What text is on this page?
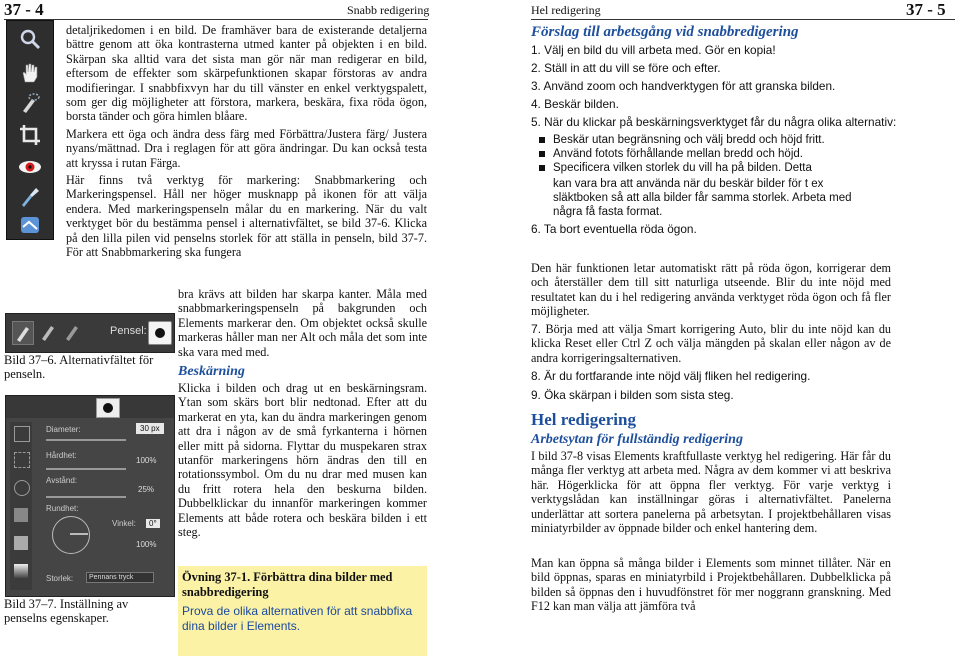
37 - 4	Snabb redigering

detaljrikedomen i en bild. De framhäver bara de existerande detaljerna bättre genom att öka kontrasterna utmed kanter på objekten i en bild. Skärpan ska alltid vara det sista man gör när man redigerar en bild, eftersom de effekter som skärpefunktionen skapar förstoras av andra modifieringar. I snabbfixvyn har du till vänster en enkel verktygspalett, som ger dig möjligheter att förstora, markera, beskära, fixa röda ögon, borsta tänder och göra himlen blåare.

Markera ett öga och ändra dess färg med Förbättra/Justera färg/ Justera nyans/mättnad. Dra i reglagen för att göra ändringar. Du kan också testa att kryssa i rutan Färga.

Här finns två verktyg för markering: Snabbmarkering och Markeringspensel. Håll ner höger musknapp på ikonen för att välja endera. Med markeringspenseln målar du en markering. När du valt verktyget bör du bestämma pensel i alternativfältet, se bild 37-6. Klicka på den lilla pilen vid penselns storlek för att ställa in penseln, bild 37-7. För att Snabbmarkering ska fungera

Pensel:
Bild 37–6. Alternativfältet för penseln.
Diameter:	30 px
Hårdhet:
100%
Avstånd:
25%
Rundhet:
100%
Vinkel:	0°
Storlek:	Pennans tryck
Bild 37–7. Inställning av penselns egenskaper.
bra krävs att bilden har skarpa kanter. Måla med snabbmarkeringspenseln på bakgrunden och Elements markerar den. Om objektet också skulle markeras håller man ner Alt och måla det som inte ska vara med med.
Beskärning
Klicka i bilden och drag ut en beskärningsram. Ytan som skärs bort blir nedtonad. Efter att du markerat en yta, kan du ändra markeringen genom att dra i någon av de små fyrkanterna i hörnen eller mitt på sidorna. Flyttar du muspekaren strax utanför markeringens hörn ändras den till en rotationssymbol. Om du nu drar med musen kan du fritt rotera hela den beskurna bilden. Dubbelklickar du innanför markeringen kommer Elements att både rotera och beskära bilden i ett steg.
Övning 37-1. Förbättra dina bilder med snabbredigering
Prova de olika alternativen för att snabbfixa dina bilder i Elements.
Hel redigering	37 - 5
Förslag till arbetsgång vid snabbredigering
1. Välj en bild du vill arbeta med. Gör en kopia!
2. Ställ in att du vill se före och efter.
3. Använd zoom och handverktygen för att granska bilden.
4. Beskär bilden.
5. När du klickar på beskärningsverktyget får du några olika alternativ:
Beskär utan begränsning och välj bredd och höjd fritt.
Använd fotots förhållande mellan bredd och höjd.
Specificera vilken storlek du vill ha på bilden. Detta
kan vara bra att använda när du beskär bilder för t ex släktboken så att alla bilder får samma storlek. Arbeta med några få fasta format.
6. Ta bort eventuella röda ögon.
Den här funktionen letar automatiskt rätt på röda ögon, korrigerar dem och återställer dem till sitt naturliga utseende. Blir du inte nöjd med resultatet kan du i hel redigering använda verktyget röda ögon och få fler möjligheter.
7. Börja med att välja Smart korrigering Auto, blir du inte nöjd kan du klicka Reset eller Ctrl Z och välja mängden på skalan eller någon av de andra korrigeringsalternativen.
8. Är du fortfarande inte nöjd välj fliken hel redigering.
9. Öka skärpan i bilden som sista steg.
Hel redigering
Arbetsytan för fullständig redigering
I bild 37-8 visas Elements kraftfullaste verktyg hel redigering. Här får du många fler verktyg att arbeta med. Några av dem kommer vi att beskriva här. Högerklicka för att öppna fler verktyg. För varje verktyg i verktygslådan kan inställningar göras i alternativfältet. Panelerna underlättar att sortera panelerna på arbetsytan. I projektbehållaren visas miniatyrbilder av öppnade bilder och enkel hantering dem.
Man kan öppna så många bilder i Elements som minnet tillåter. När en bild öppnas, sparas en miniatyrbild i Projektbehållaren. Dubbelklicka på bilden så öppnas den i huvudfönstret för mer noggrann granskning. Med F12 kan man välja att jämföra två
